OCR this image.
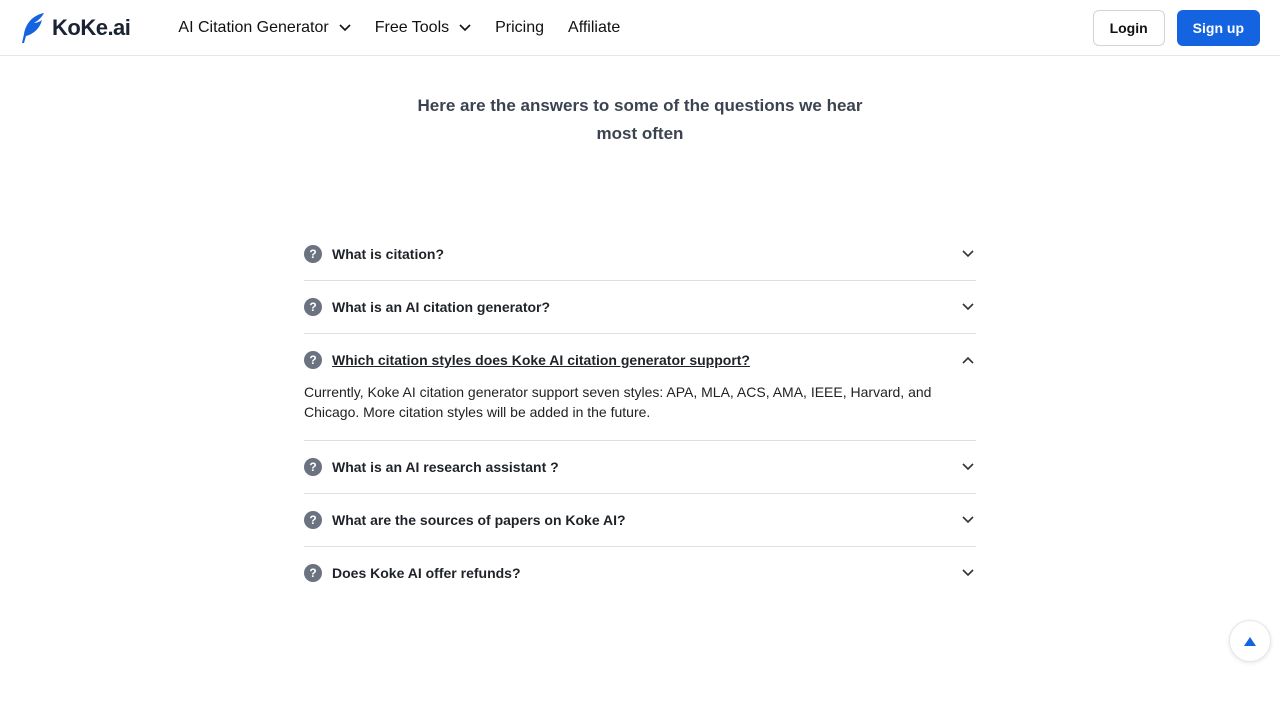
KoKe.ai	AI Citation Generator	Free Tools	Pricing Affiliate	Login	Sign up
Here are the answers to some of the questions we hear
most often
?	What is citation?
?	What is an AI citation generator?
?	Which citation styles does Koke AI citation generator support?
Currently, Koke AI citation generator support seven styles: APA, MLA, ACS, AMA, IEEE, Harvard, and Chicago. More citation styles will be added in the future.
?	What is an AI research assistant ?
?	What are the sources of papers on Koke AI?
?	Does Koke AI offer refunds?
